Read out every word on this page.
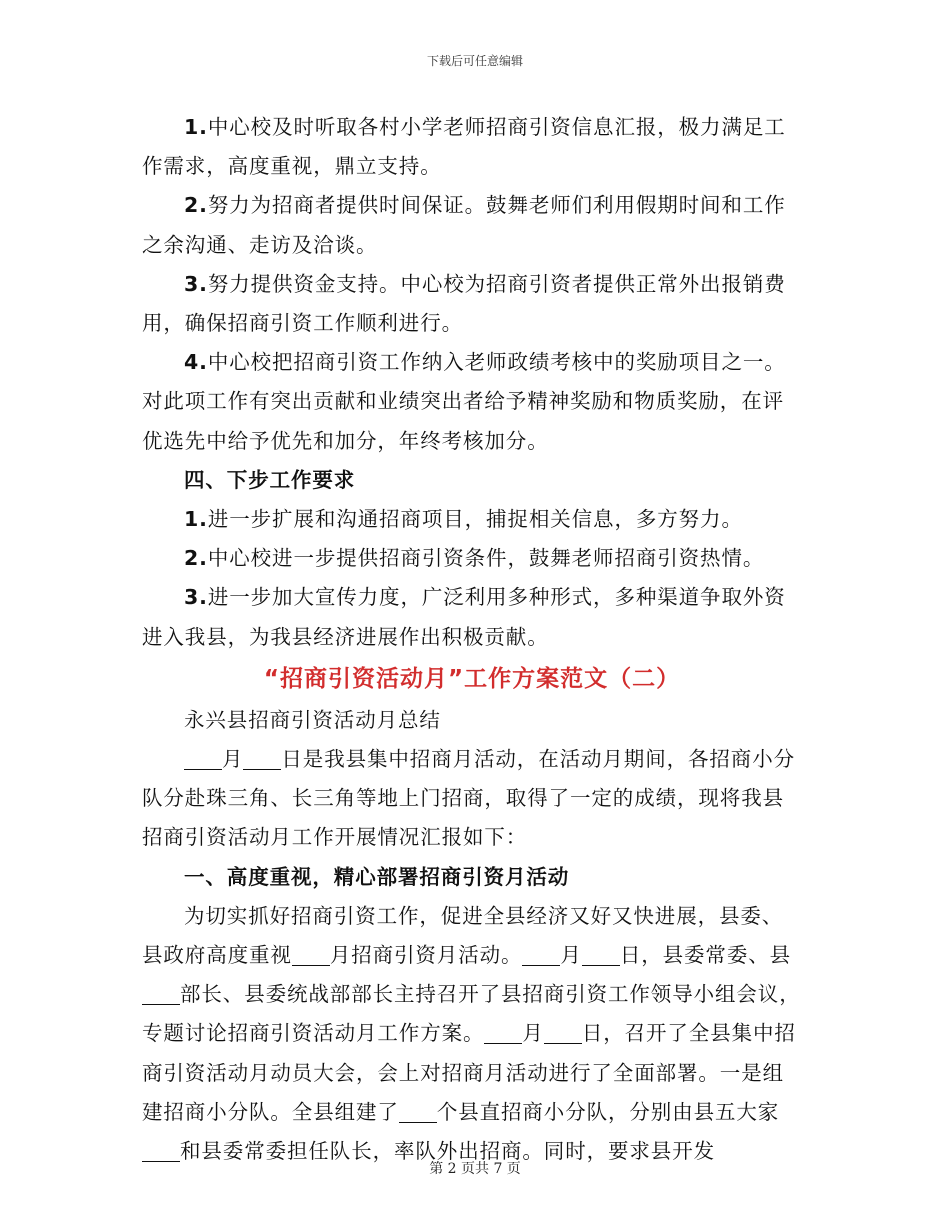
下载后可任意编辑

1.中心校及时听取各村小学老师招商引资信息汇报，极力满足工作需求，高度重视，鼎立支持。

2.努力为招商者提供时间保证。鼓舞老师们利用假期时间和工作之余沟通、走访及洽谈。

3.努力提供资金支持。中心校为招商引资者提供正常外出报销费用，确保招商引资工作顺利进行。

4.中心校把招商引资工作纳入老师政绩考核中的奖励项目之一。对此项工作有突出贡献和业绩突出者给予精神奖励和物质奖励，在评优选先中给予优先和加分，年终考核加分。

四、下步工作要求

1.进一步扩展和沟通招商项目，捕捉相关信息，多方努力。

2.中心校进一步提供招商引资条件，鼓舞老师招商引资热情。

3.进一步加大宣传力度，广泛利用多种形式，多种渠道争取外资进入我县，为我县经济进展作出积极贡献。

“招商引资活动月”工作方案范文（二）

永兴县招商引资活动月总结

月 日是我县集中招商月活动，在活动月期间，各招商小分队分赴珠三角、长三角等地上门招商，取得了一定的成绩，现将我县招商引资活动月工作开展情况汇报如下：

一、高度重视，精心部署招商引资月活动

为切实抓好招商引资工作，促进全县经济又好又快进展，县委、县政府高度重视 月招商引资月活动。 月 日，县委常委、县部长、县委统战部部长主持召开了县招商引资工作领导小组会议，专题讨论招商引资活动月工作方案。 月 日，召开了全县集中招商引资活动月动员大会，会上对招商月活动进行了全面部署。一是组建招商小分队。全县组建了 个县直招商小分队，分别由县五大家和县委常委担任队长，率队外出招商。同时，要求县开发

第 2 页共 7 页
